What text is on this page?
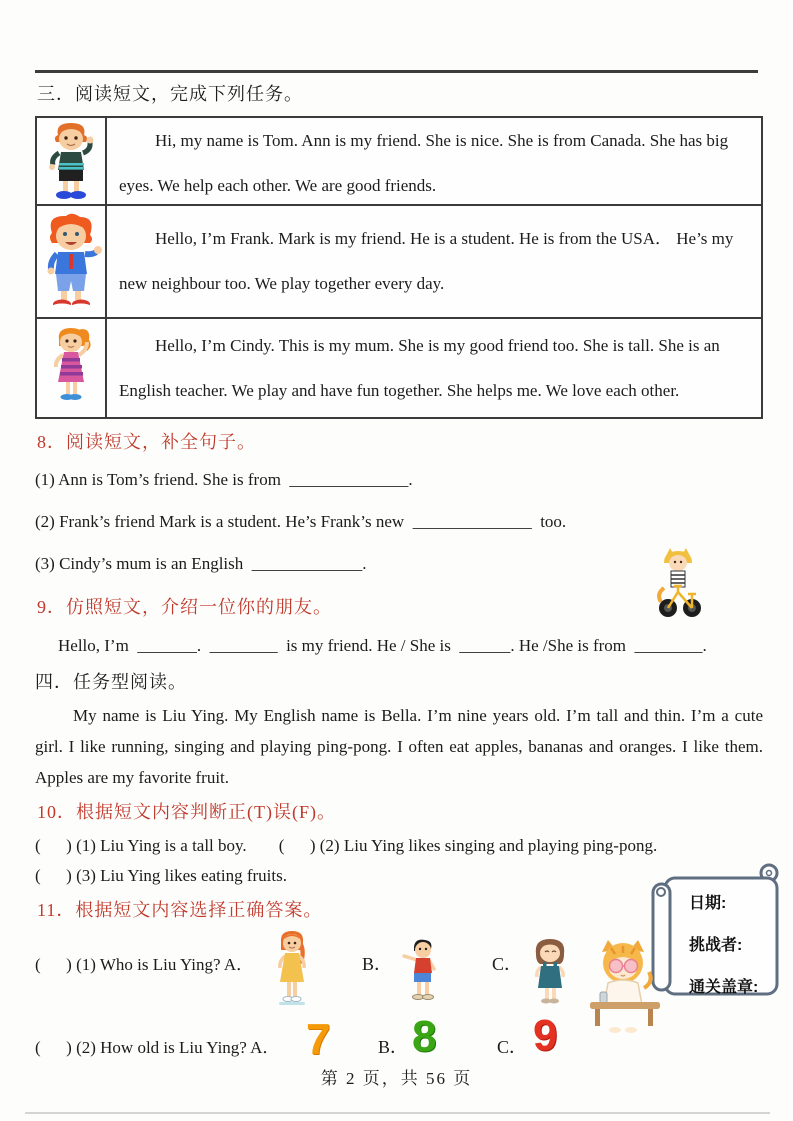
三．阅读短文，完成下列任务。
Hi, my name is Tom. Ann is my friend. She is nice. She is from Canada. She has big eyes. We help each other. We are good friends.
Hello, I’m Frank. Mark is my friend. He is a student. He is from the USA． He’s my new neighbour too. We play together every day.
Hello, I’m Cindy. This is my mum. She is my good friend too. She is tall. She is an English teacher. We play and have fun together. She helps me. We love each other.
8．阅读短文，补全句子。
(1) Ann is Tom’s friend. She is from  ______________.
(2) Frank’s friend Mark is a student. He’s Frank’s new  ______________  too.
(3) Cindy’s mum is an English  _____________.
9．仿照短文，介绍一位你的朋友。
Hello, I’m  _______.  ________  is my friend. He / She is  ______. He /She is from  ________.
四．任务型阅读。
My name is Liu Ying. My English name is Bella. I’m nine years old. I’m tall and thin. I’m a cute girl. I like running, singing and playing ping-pong. I often eat apples, bananas and oranges. I like them. Apples are my favorite fruit.
10．根据短文内容判断正(T)误(F)。
(      ) (1) Liu Ying is a tall boy. (      ) (2) Liu Ying likes singing and playing ping-pong.
(      ) (3) Liu Ying likes eating fruits.
11．根据短文内容选择正确答案。
(      ) (1) Who is Liu Ying? A．	B．	C．
(      ) (2) How old is Liu Ying? A． 7	B． 8	C． 9
日期:
挑战者:
通关盖章:
第 2 页，共 56 页
